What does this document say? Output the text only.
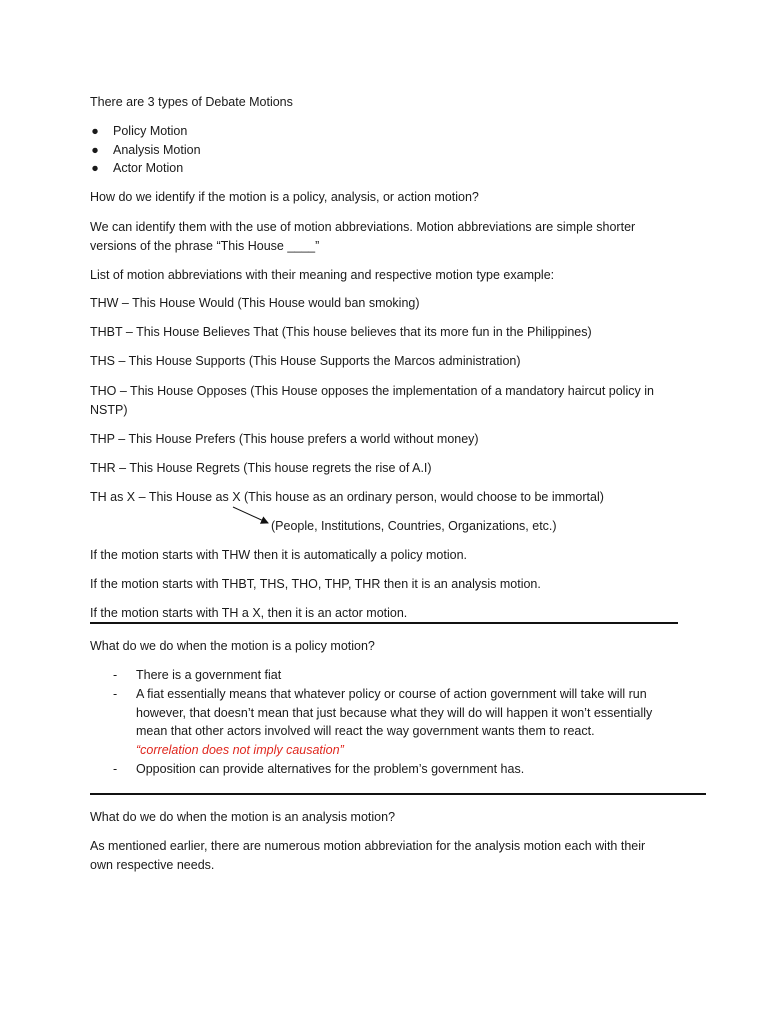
There are 3 types of Debate Motions
● Policy Motion
● Analysis Motion
● Actor Motion
How do we identify if the motion is a policy, analysis, or action motion?
We can identify them with the use of motion abbreviations. Motion abbreviations are simple shorter
versions of the phrase “This House ____”
List of motion abbreviations with their meaning and respective motion type example:
THW – This House Would (This House would ban smoking)
THBT – This House Believes That (This house believes that its more fun in the Philippines)
THS – This House Supports (This House Supports the Marcos administration)
THO – This House Opposes (This House opposes the implementation of a mandatory haircut policy in
NSTP)
THP – This House Prefers (This house prefers a world without money)
THR – This House Regrets (This house regrets the rise of A.I)
TH as X – This House as X (This house as an ordinary person, would choose to be immortal)
(People, Institutions, Countries, Organizations, etc.)
If the motion starts with THW then it is automatically a policy motion.
If the motion starts with THBT, THS, THO, THP, THR then it is an analysis motion.
If the motion starts with TH a X, then it is an actor motion.
What do we do when the motion is a policy motion?
- There is a government fiat
- A fiat essentially means that whatever policy or course of action government will take will run
however, that doesn’t mean that just because what they will do will happen it won’t essentially
mean that other actors involved will react the way government wants them to react.
“correlation does not imply causation”
- Opposition can provide alternatives for the problem’s government has.
What do we do when the motion is an analysis motion?
As mentioned earlier, there are numerous motion abbreviation for the analysis motion each with their
own respective needs.
